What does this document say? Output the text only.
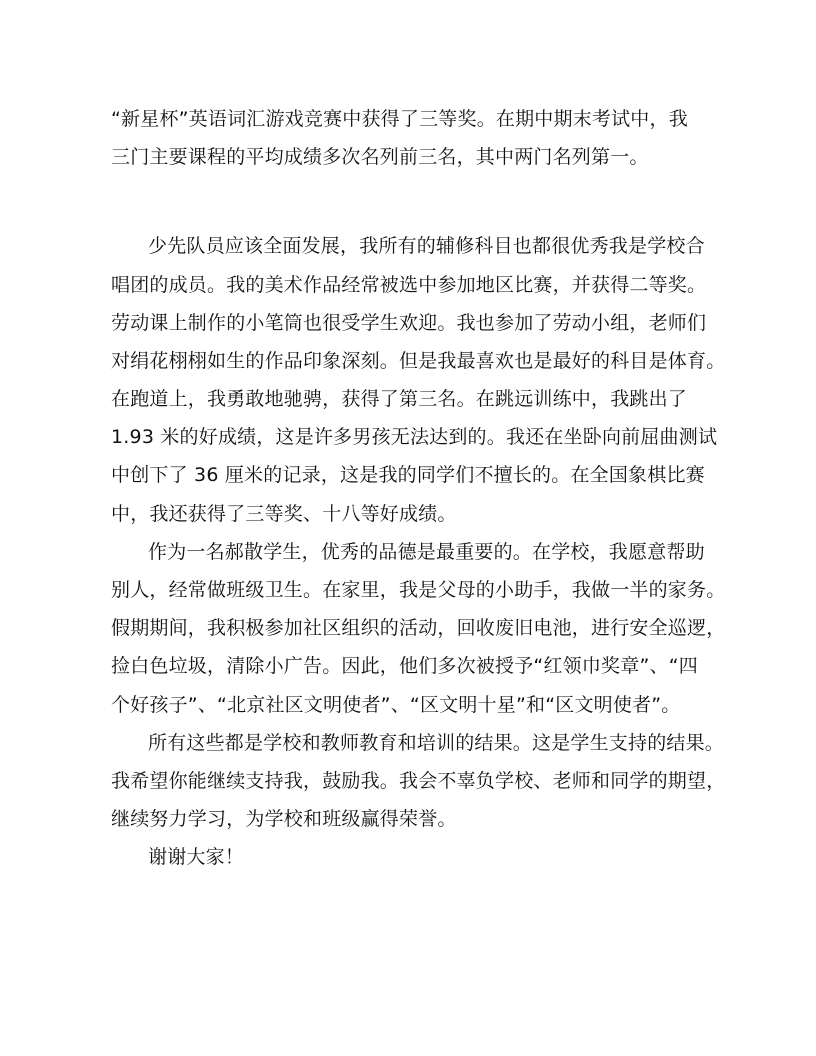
“新星杯”英语词汇游戏竞赛中获得了三等奖。在期中期末考试中，我
三门主要课程的平均成绩多次名列前三名，其中两门名列第一。
少先队员应该全面发展，我所有的辅修科目也都很优秀我是学校合
唱团的成员。我的美术作品经常被选中参加地区比赛，并获得二等奖。
劳动课上制作的小笔筒也很受学生欢迎。我也参加了劳动小组，老师们
对绢花栩栩如生的作品印象深刻。但是我最喜欢也是最好的科目是体育。
在跑道上，我勇敢地驰骋，获得了第三名。在跳远训练中，我跳出了
1.93 米的好成绩，这是许多男孩无法达到的。我还在坐卧向前屈曲测试
中创下了 36 厘米的记录，这是我的同学们不擅长的。在全国象棋比赛
中，我还获得了三等奖、十八等好成绩。
作为一名郝散学生，优秀的品德是最重要的。在学校，我愿意帮助
别人，经常做班级卫生。在家里，我是父母的小助手，我做一半的家务。
假期期间，我积极参加社区组织的活动，回收废旧电池，进行安全巡逻，
捡白色垃圾，清除小广告。因此，他们多次被授予“红领巾奖章”、“四
个好孩子”、“北京社区文明使者”、“区文明十星”和“区文明使者”。
所有这些都是学校和教师教育和培训的结果。这是学生支持的结果。
我希望你能继续支持我，鼓励我。我会不辜负学校、老师和同学的期望，
继续努力学习，为学校和班级赢得荣誉。
谢谢大家！
